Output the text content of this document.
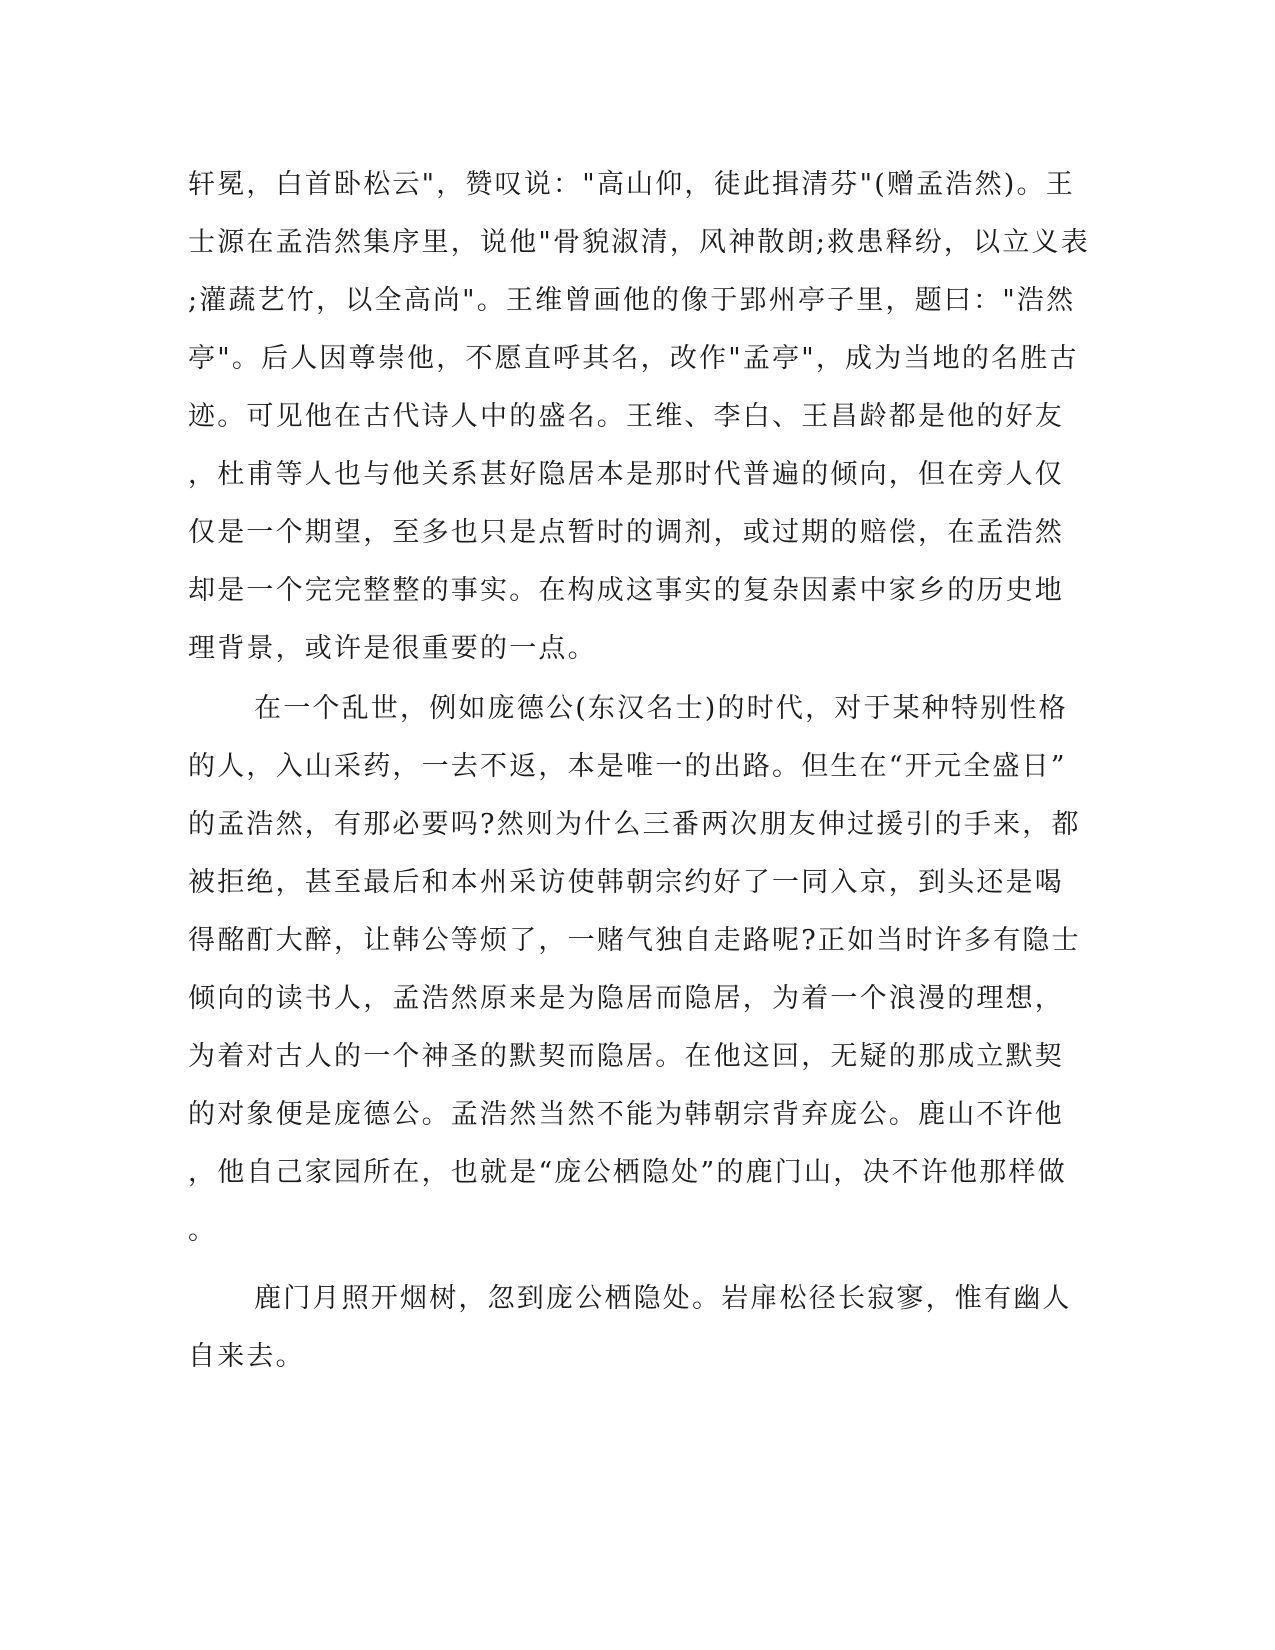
轩冕，白首卧松云"，赞叹说："高山仰，徒此揖清芬"(赠孟浩然)。王
士源在孟浩然集序里，说他"骨貌淑清，风神散朗;救患释纷，以立义表
;灌蔬艺竹，以全高尚"。王维曾画他的像于郢州亭子里，题曰："浩然
亭"。后人因尊崇他，不愿直呼其名，改作"孟亭"，成为当地的名胜古
迹。可见他在古代诗人中的盛名。王维、李白、王昌龄都是他的好友
，杜甫等人也与他关系甚好隐居本是那时代普遍的倾向，但在旁人仅
仅是一个期望，至多也只是点暂时的调剂，或过期的赔偿，在孟浩然
却是一个完完整整的事实。在构成这事实的复杂因素中家乡的历史地
理背景，或许是很重要的一点。
在一个乱世，例如庞德公(东汉名士)的时代，对于某种特别性格
的人，入山采药，一去不返，本是唯一的出路。但生在“开元全盛日”
的孟浩然，有那必要吗?然则为什么三番两次朋友伸过援引的手来，都
被拒绝，甚至最后和本州采访使韩朝宗约好了一同入京，到头还是喝
得酩酊大醉，让韩公等烦了，一赌气独自走路呢?正如当时许多有隐士
倾向的读书人，孟浩然原来是为隐居而隐居，为着一个浪漫的理想，
为着对古人的一个神圣的默契而隐居。在他这回，无疑的那成立默契
的对象便是庞德公。孟浩然当然不能为韩朝宗背弃庞公。鹿山不许他
，他自己家园所在，也就是“庞公栖隐处”的鹿门山，决不许他那样做
。
鹿门月照开烟树，忽到庞公栖隐处。岩扉松径长寂寥，惟有幽人
自来去。
